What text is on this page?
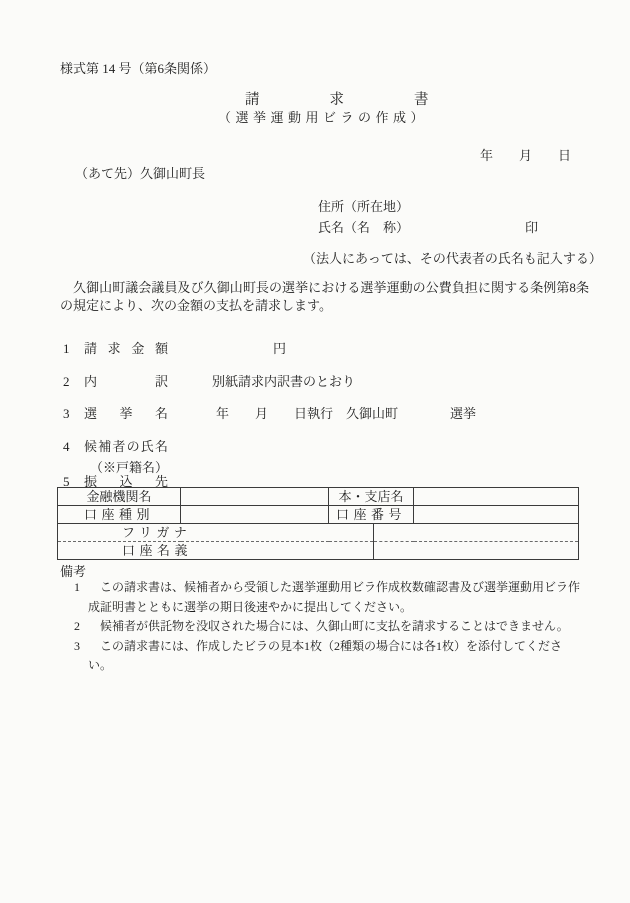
様式第 14 号（第6条関係）
請求書
（選挙運動用ビラの作成）
年　　月　　日
（あて先）久御山町長
住所（所在地）
氏名（名　称）	印
（法人にあっては、その代表者の氏名も記入する）
久御山町議会議員及び久御山町長の選挙における選挙運動の公費負担に関する条例第8条の規定により、次の金額の支払を請求します。
1 請求金額	円
2 内訳	別紙請求内訳書のとおり
3 選挙名	年　　月　　日執行　久御山町　　　　選挙
4 候補者の氏名
（※戸籍名）
5 振込先
金融機関名		本・支店名		
口座種別		口座番号		
フリガナ				
口座名義				
備考
1 この請求書は、候補者から受領した選挙運動用ビラ作成枚数確認書及び選挙運動用ビラ作成証明書とともに選挙の期日後速やかに提出してください。
2 候補者が供託物を没収された場合には、久御山町に支払を請求することはできません。
3 この請求書には、作成したビラの見本1枚（2種類の場合には各1枚）を添付してください。
